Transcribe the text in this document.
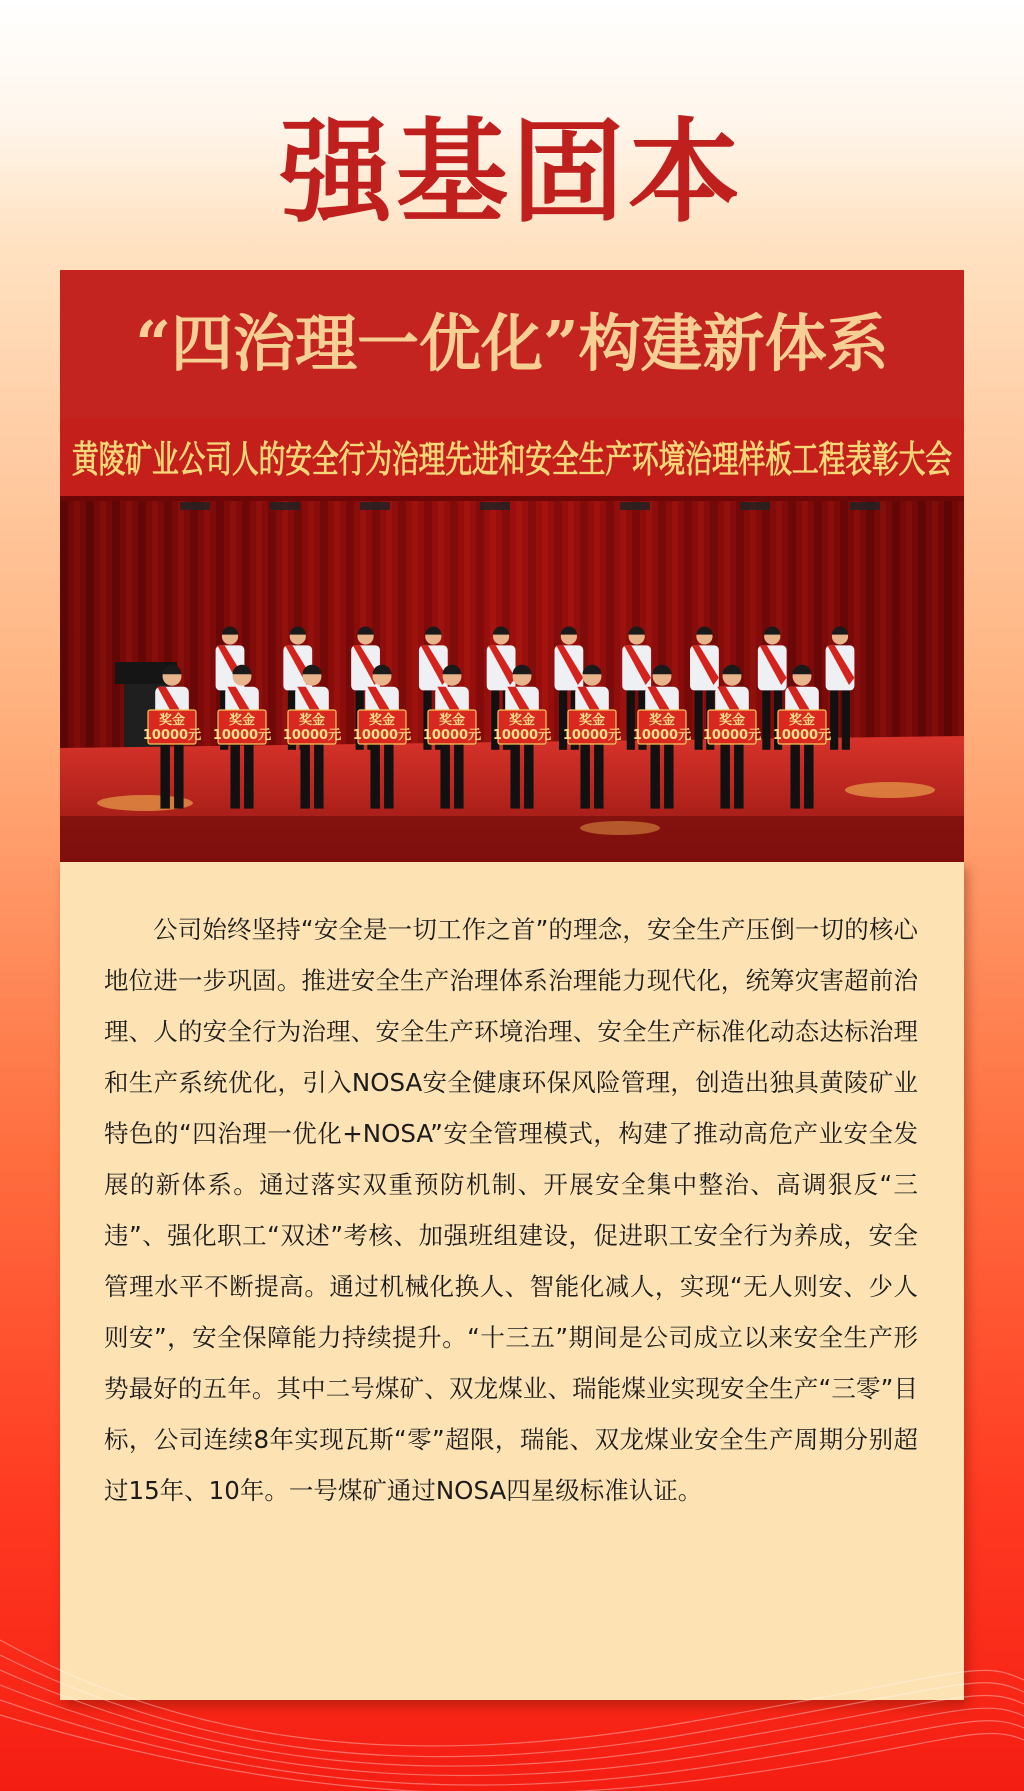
强基固本
“四治理一优化”构建新体系
黄陵矿业公司人的安全行为治理先进和安全生产环境治理样板工程表彰大会
奖金
10000元
奖金
10000元
奖金
10000元
奖金
10000元
奖金
10000元
奖金
10000元
奖金
10000元
奖金
10000元
奖金
10000元
奖金
10000元

公司始终坚持“安全是一切工作之首”的理念，安全生产压倒一切的核心地位进一步巩固。推进安全生产治理体系治理能力现代化，统筹灾害超前治理、人的安全行为治理、安全生产环境治理、安全生产标准化动态达标治理和生产系统优化，引入NOSA安全健康环保风险管理，创造出独具黄陵矿业特色的“四治理一优化+NOSA”安全管理模式，构建了推动高危产业安全发展的新体系。通过落实双重预防机制、开展安全集中整治、高调狠反“三违”、强化职工“双述”考核、加强班组建设，促进职工安全行为养成，安全管理水平不断提高。通过机械化换人、智能化减人，实现“无人则安、少人则安”，安全保障能力持续提升。“十三五”期间是公司成立以来安全生产形势最好的五年。其中二号煤矿、双龙煤业、瑞能煤业实现安全生产“三零”目标，公司连续8年实现瓦斯“零”超限，瑞能、双龙煤业安全生产周期分别超过15年、10年。一号煤矿通过NOSA四星级标准认证。
